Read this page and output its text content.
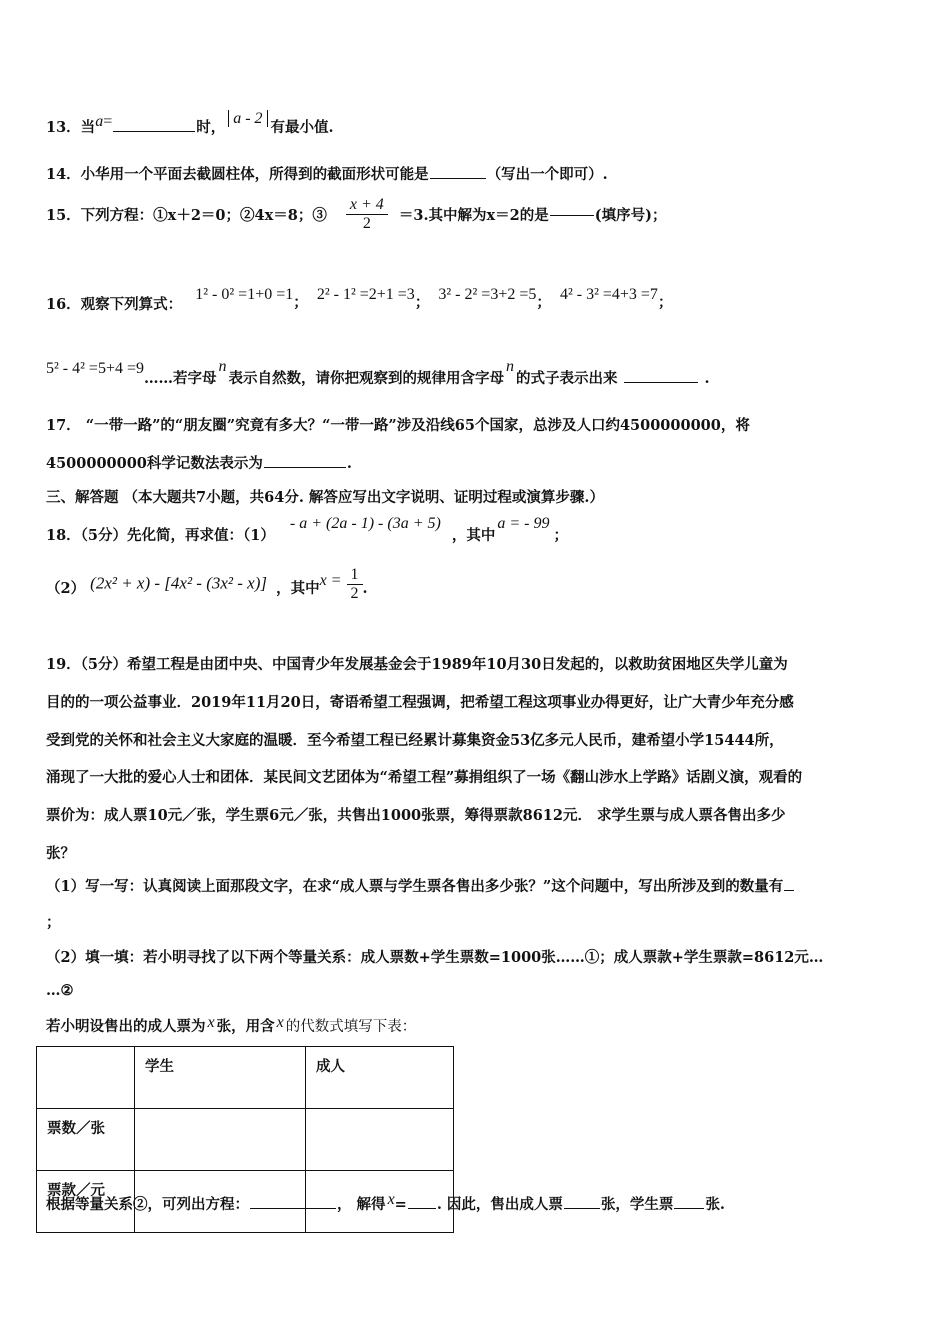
13．当a=	时，a - 2有最小值.
14．小华用一个平面去截圆柱体，所得到的截面形状可能是	（写出一个即可）.
15．下列方程：①x＋2＝0；②4x＝8；③ $\frac{x + 4}{2} =3$.其中解为x＝2的是	(填序号)；
16．观察下列算式： 1² - 0² =1+0 =1； 2² - 1² =2+1 =3； 3² - 2² =3+2 =5； 4² - 3² =4+3 =7；
5² - 4² =5+4 =9……若字母n表示自然数，请你把观察到的规律用含字母n的式子表示出来	.
17． “一带一路”的“朋友圈”究竟有多大？“一带一路”涉及沿线65个国家，总涉及人口约4500000000，将
4500000000科学记数法表示为	.
三、解答题 （本大题共7小题，共64分. 解答应写出文字说明、证明过程或演算步骤.）
18．（5分）先化简，再求值：（1） - a + (2a - 1) - (3a + 5) ，其中a = - 99；
（2） (2x² + x) - [4x² - (3x² - x)] ，其中$x = \frac{1}{2}$ .
19．（5分）希望工程是由团中央、中国青少年发展基金会于1989年10月30日发起的，以救助贫困地区失学儿童为
目的的一项公益事业．2019年11月20日，寄语希望工程强调，把希望工程这项事业办得更好，让广大青少年充分感
受到党的关怀和社会主义大家庭的温暖．至今希望工程已经累计募集资金53亿多元人民币，建希望小学15444所，
涌现了一大批的爱心人士和团体．某民间文艺团体为“希望工程”募捐组织了一场《翻山涉水上学路》话剧义演，观看的
票价为：成人票10元／张，学生票6元／张，共售出1000张票，筹得票款8612元． 求学生票与成人票各售出多少
张？
（1）写一写：认真阅读上面那段文字，在求“成人票与学生票各售出多少张？”这个问题中，写出所涉及到的数量有
；
（2）填一填：若小明寻找了以下两个等量关系：成人票数+学生票数=1000张……①；成人票款+学生票款=8612元…
…②
若小明设售出的成人票为 x 张，用含 x 的代数式填写下表：
	学生	成人
票数／张		
票款／元		
根据等量关系②，可列出方程：	， 解得 x= . 因此，售出成人票	张，学生票 张.
